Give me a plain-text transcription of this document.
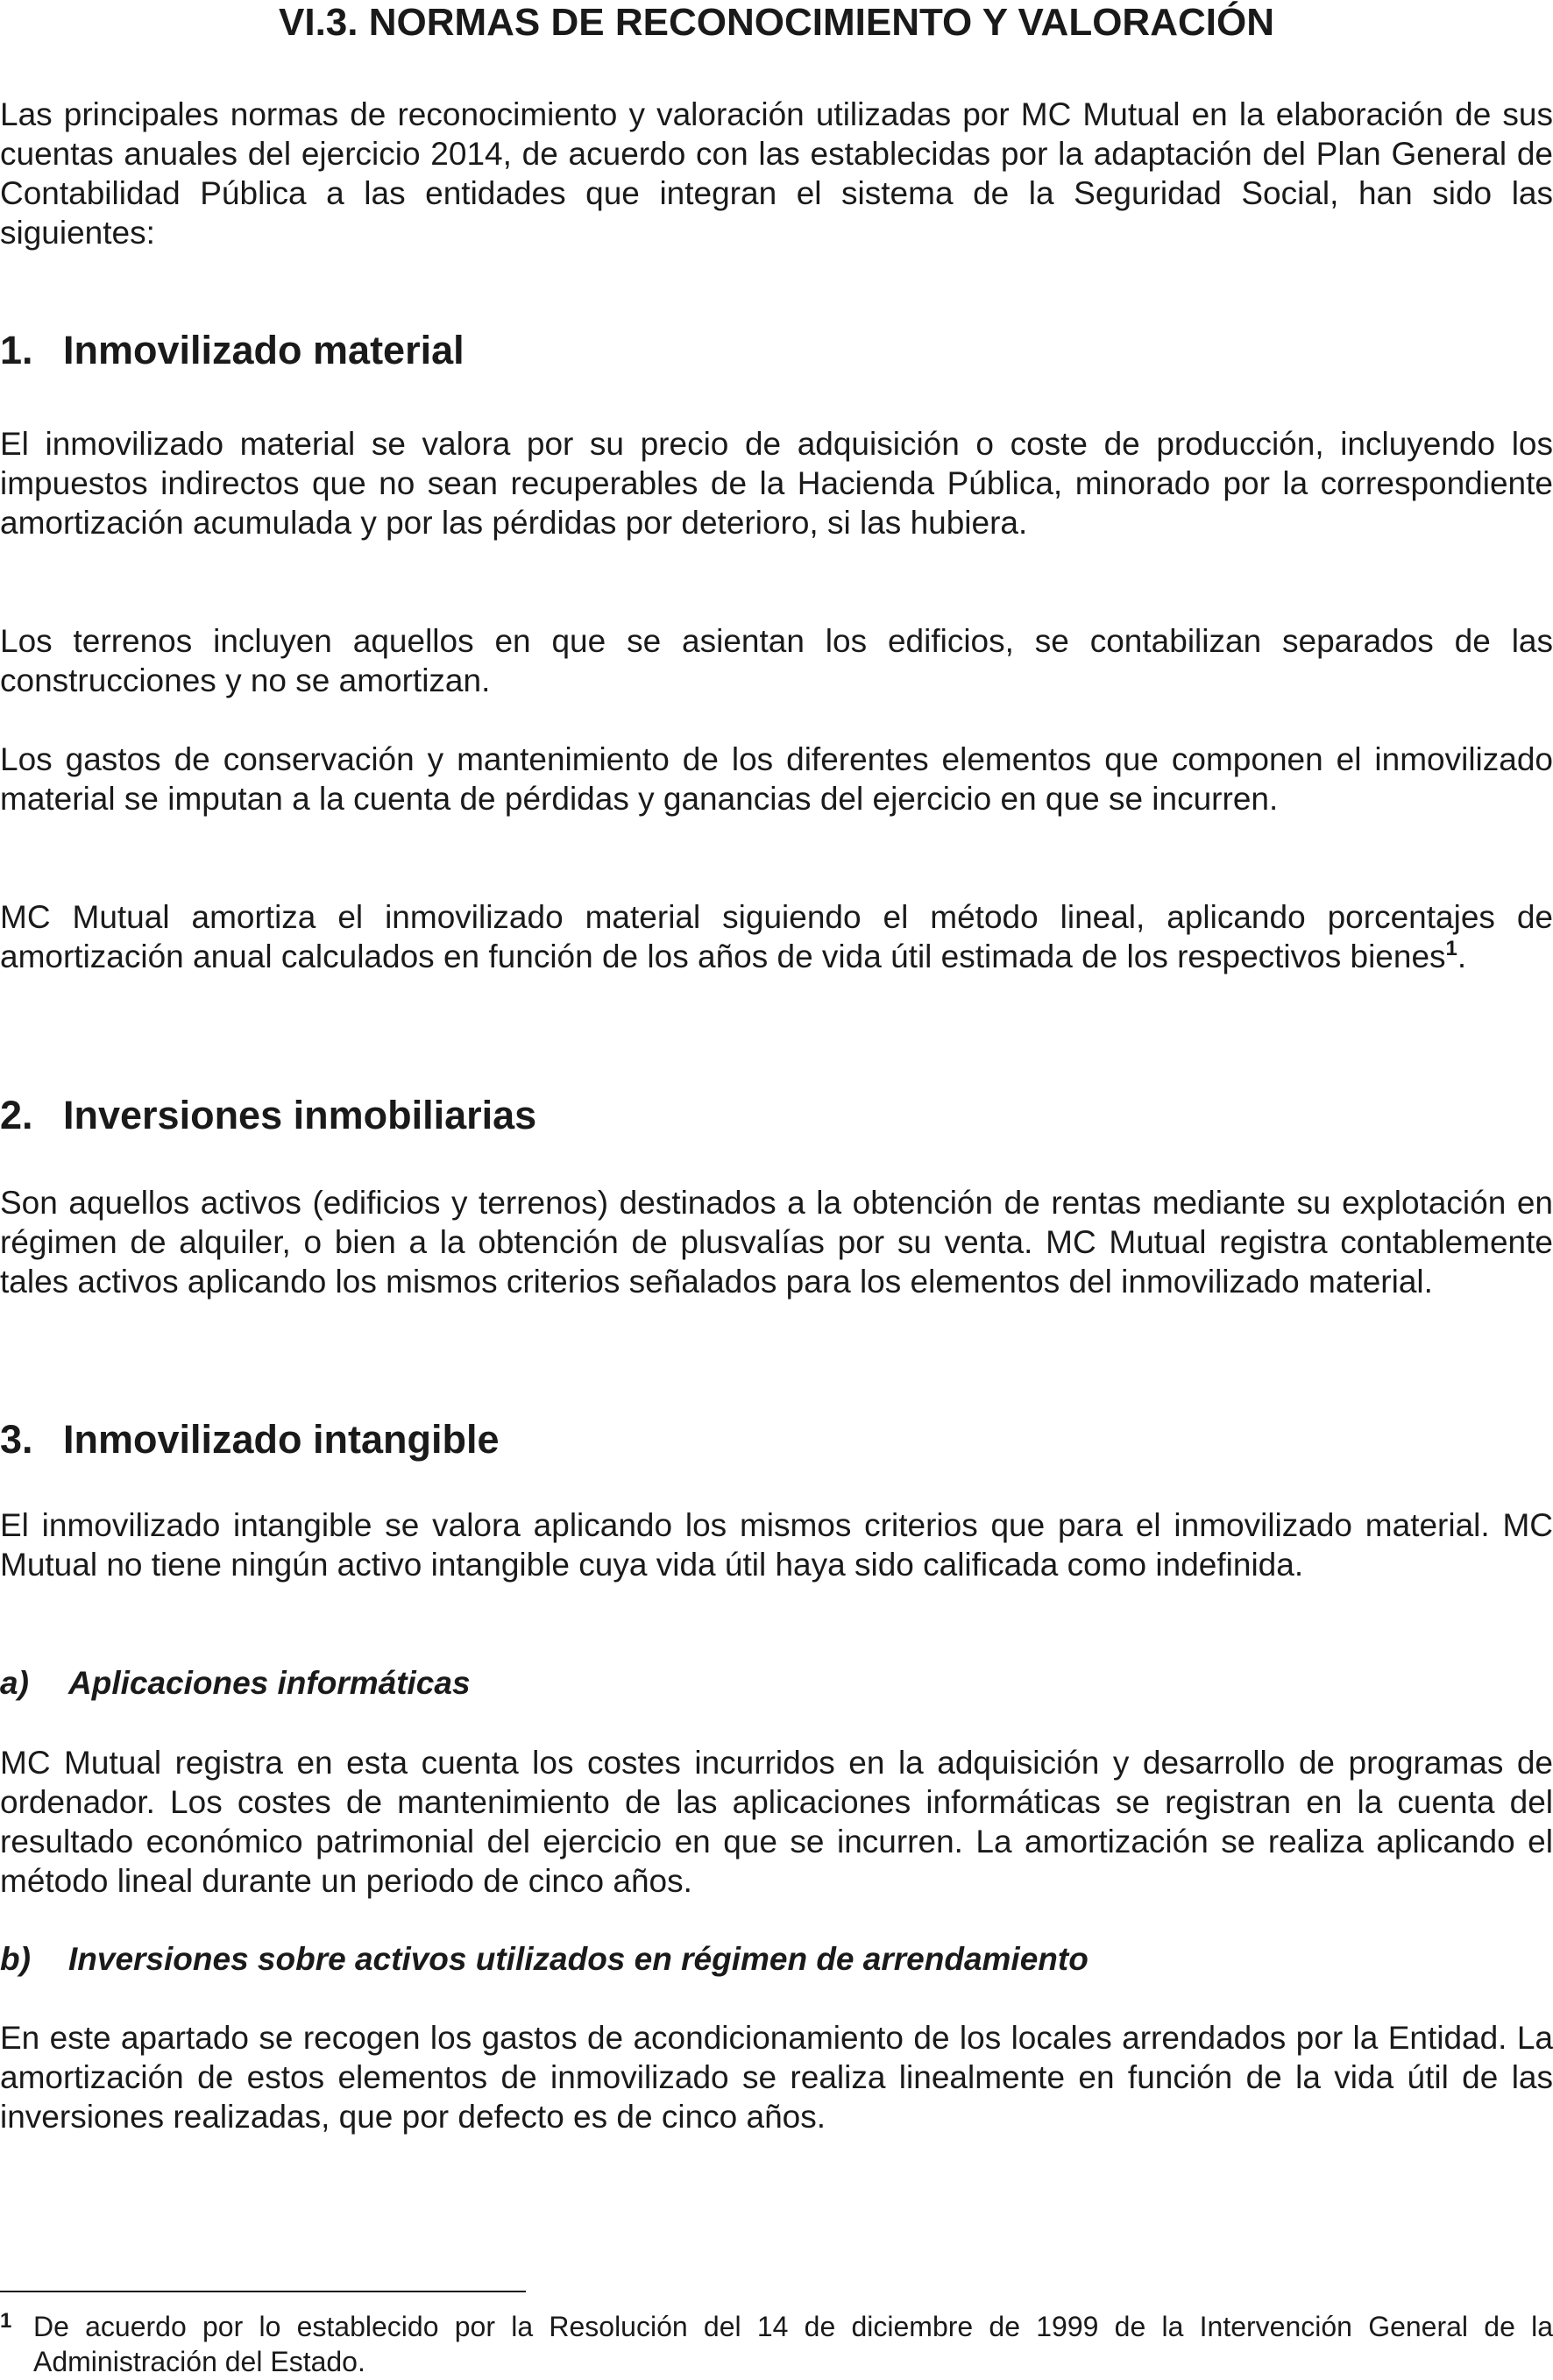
VI.3. NORMAS DE RECONOCIMIENTO Y VALORACIÓN

Las principales normas de reconocimiento y valoración utilizadas por MC Mutual en la elaboración de sus cuentas anuales del ejercicio 2014, de acuerdo con las establecidas por la adaptación del Plan General de Contabilidad Pública a las entidades que integran el sistema de la Seguridad Social, han sido las siguientes:

1. Inmovilizado material

El inmovilizado material se valora por su precio de adquisición o coste de producción, incluyendo los impuestos indirectos que no sean recuperables de la Hacienda Pública, minorado por la correspondiente amortización acumulada y por las pérdidas por deterioro, si las hubiera.

Los terrenos incluyen aquellos en que se asientan los edificios, se contabilizan separados de las construcciones y no se amortizan.

Los gastos de conservación y mantenimiento de los diferentes elementos que componen el inmovilizado material se imputan a la cuenta de pérdidas y ganancias del ejercicio en que se incurren.

MC Mutual amortiza el inmovilizado material siguiendo el método lineal, aplicando porcentajes de amortización anual calculados en función de los años de vida útil estimada de los respectivos bienes$^1$.

2. Inversiones inmobiliarias

Son aquellos activos (edificios y terrenos) destinados a la obtención de rentas mediante su explotación en régimen de alquiler, o bien a la obtención de plusvalías por su venta. MC Mutual registra contablemente tales activos aplicando los mismos criterios señalados para los elementos del inmovilizado material.

3. Inmovilizado intangible

El inmovilizado intangible se valora aplicando los mismos criterios que para el inmovilizado material. MC Mutual no tiene ningún activo intangible cuya vida útil haya sido calificada como indefinida.

a) Aplicaciones informáticas

MC Mutual registra en esta cuenta los costes incurridos en la adquisición y desarrollo de programas de ordenador. Los costes de mantenimiento de las aplicaciones informáticas se registran en la cuenta del resultado económico patrimonial del ejercicio en que se incurren. La amortización se realiza aplicando el método lineal durante un periodo de cinco años.

b) Inversiones sobre activos utilizados en régimen de arrendamiento

En este apartado se recogen los gastos de acondicionamiento de los locales arrendados por la Entidad. La amortización de estos elementos de inmovilizado se realiza linealmente en función de la vida útil de las inversiones realizadas, que por defecto es de cinco años.

1 De acuerdo por lo establecido por la Resolución del 14 de diciembre de 1999 de la Intervención General de la Administración del Estado.
